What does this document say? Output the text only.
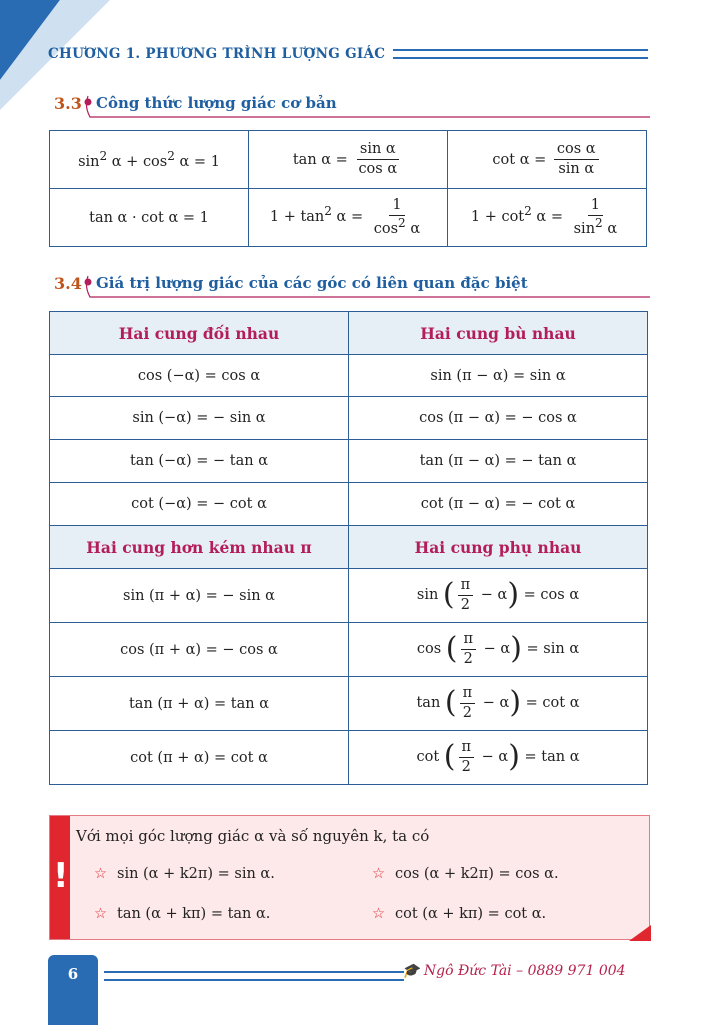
CHƯƠNG 1. PHƯƠNG TRÌNH LƯỢNG GIÁC
3.3 Công thức lượng giác cơ bản
$\sin^2 \alpha + \cos^2 \alpha = 1$	$\tan \alpha = \frac{\text{sin α}}{\text{cos α}}$	$\cot \alpha = \frac{\text{cos α}}{\text{sin α}}$

tan α · cot α = 1	$1 + \tan^2 \alpha = \frac{1}{\cos^2 \alpha}$	$1 + \cot^2 \alpha = \frac{1}{\sin^2 \alpha}$
3.4 Giá trị lượng giác của các góc có liên quan đặc biệt
Hai cung đối nhau	Hai cung bù nhau
cos (−α) = cos α	sin (π − α) = sin α
sin (−α) = − sin α	cos (π − α) = − cos α
tan (−α) = − tan α	tan (π − α) = − tan α
cot (−α) = − cot α	cot (π − α) = − cot α
Hai cung hơn kém nhau π	Hai cung phụ nhau
sin (π + α) = − sin α	sin ( $\frac{\pi}{2} - \alpha) = \cos \alpha$
cos (π + α) = − cos α	cos ( $\frac{\pi}{2} - \alpha) = \sin \alpha$
tan (π + α) = tan α	tan ( $\frac{\pi}{2} - \alpha) = \cot \alpha$
cot (π + α) = cot α	cot ( $\frac{\pi}{2} - \alpha) = \tan \alpha$
!
Với mọi góc lượng giác α và số nguyên k, ta có
☆ sin (α + k2π) = sin α.	☆ cos (α + k2π) = cos α.
☆ tan (α + kπ) = tan α.	☆ cot (α + kπ) = cot α.
6	🎓 Ngô Đức Tài – 0889 971 004
